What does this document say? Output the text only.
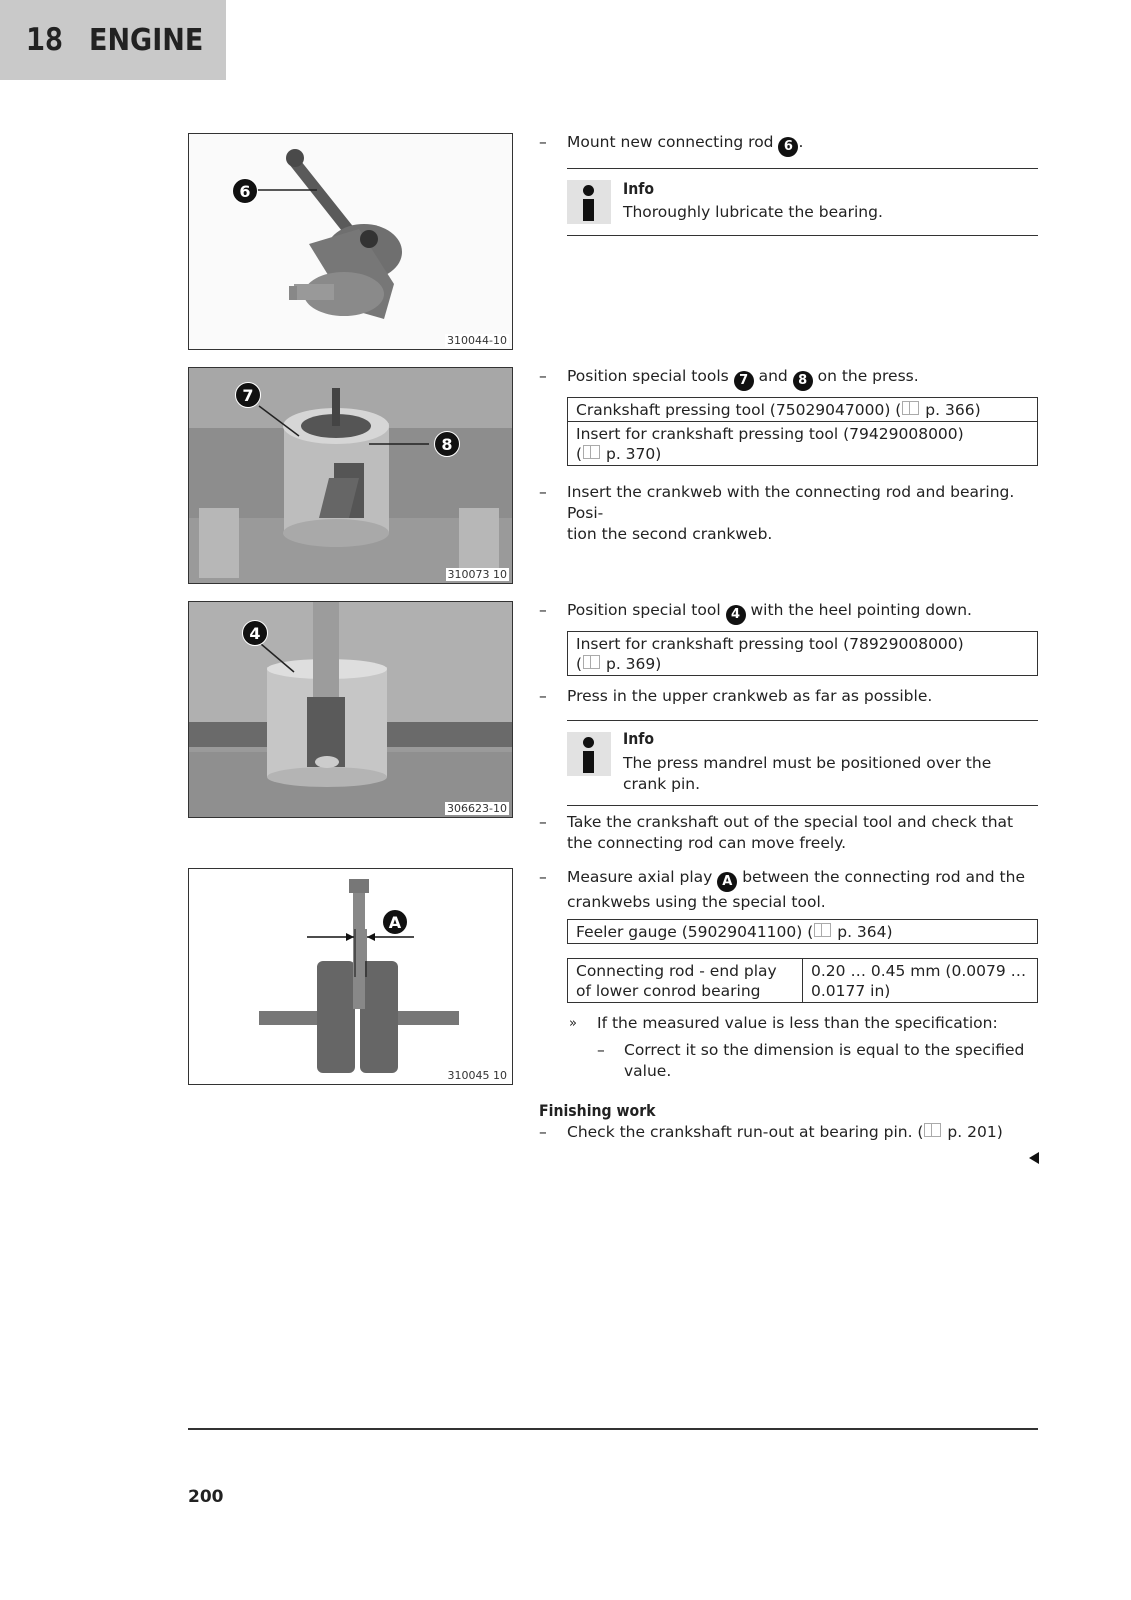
18 ENGINE
6
310044-10
7
8
310073 10
4
306623-10
A
310045 10
– Mount new connecting rod 6 .
Info
Thoroughly lubricate the bearing.
– Position special tools 7 and 8 on the press.
Crankshaft pressing tool (75029047000) ( p. 366)
Insert for crankshaft pressing tool (79429008000)
( p. 370)
– Insert the crankweb with the connecting rod and bearing. Posi-
tion the second crankweb.
– Position special tool 4 with the heel pointing down.
Insert for crankshaft pressing tool (78929008000)
( p. 369)
– Press in the upper crankweb as far as possible.
Info
The press mandrel must be positioned over the crank pin.
– Take the crankshaft out of the special tool and check that the connecting rod can move freely.
– Measure axial play A between the connecting rod and the crankwebs using the special tool.
Feeler gauge (59029041100) ( p. 364)
Connecting rod - end play of lower conrod bearing	0.20 … 0.45 mm (0.0079 … 0.0177 in)
» If the measured value is less than the specification:
– Correct it so the dimension is equal to the specified value.
Finishing work
– Check the crankshaft run-out at bearing pin. ( p. 201)
200
